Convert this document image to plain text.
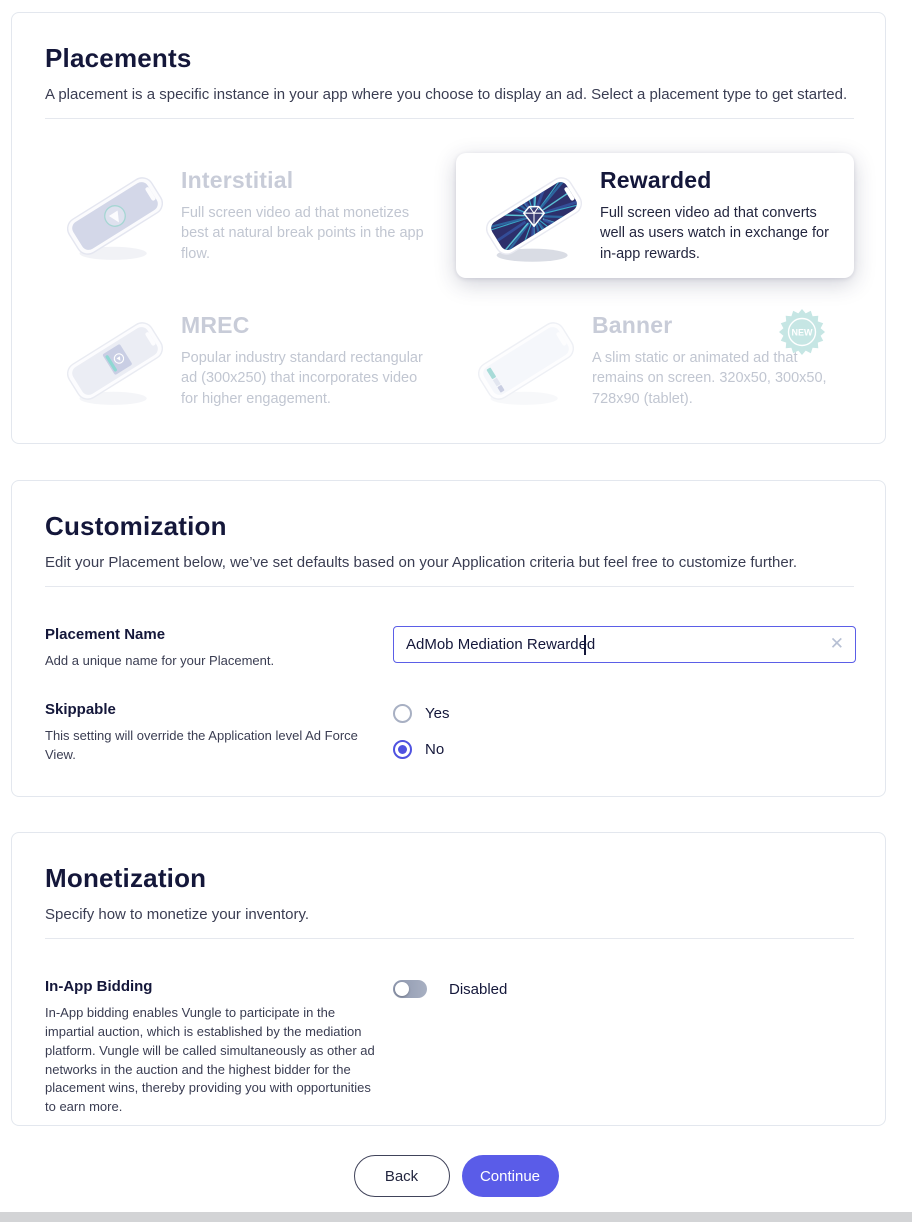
Placements

A placement is a specific instance in your app where you choose to display an ad. Select a placement type to get started.

Interstitial
Full screen video ad that monetizes best at natural break points in the app flow.
Rewarded
Full screen video ad that converts well as users watch in exchange for in-app rewards.
MREC
Popular industry standard rectangular ad (300x250) that incorporates video for higher engagement.
Banner
A slim static or animated ad that remains on screen. 320x50, 300x50, 728x90 (tablet).
NEW
Customization

Edit your Placement below, we’ve set defaults based on your Application criteria but feel free to customize further.

Placement Name
Add a unique name for your Placement.
AdMob Mediation Rewarded
✕
Skippable
This setting will override the Application level Ad Force View.
Yes
No
Monetization

Specify how to monetize your inventory.

In-App Bidding
In-App bidding enables Vungle to participate in the impartial auction, which is established by the mediation platform. Vungle will be called simultaneously as other ad networks in the auction and the highest bidder for the placement wins, thereby providing you with opportunities to earn more.
Disabled
Back	Continue
